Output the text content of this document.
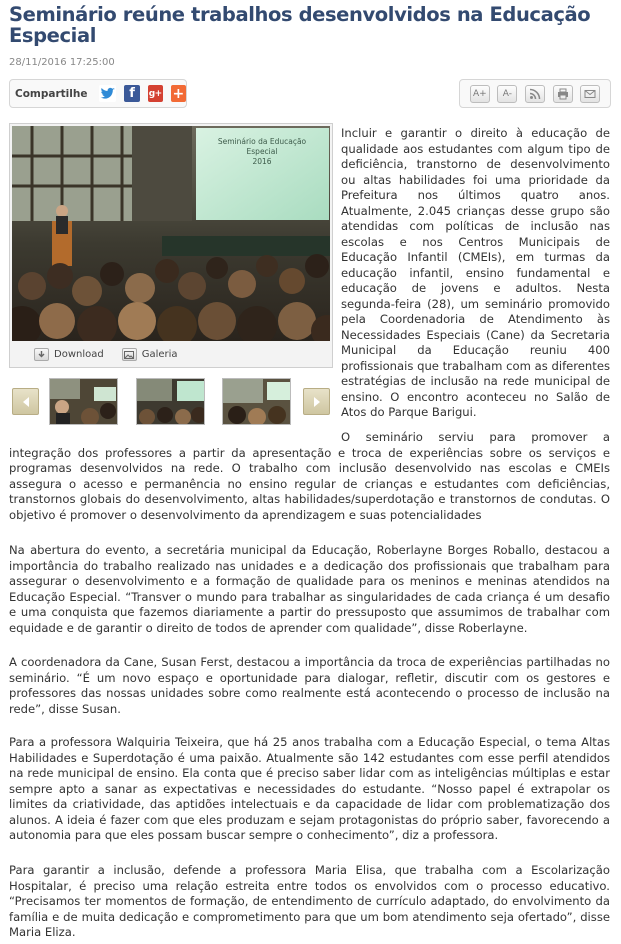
Seminário reúne trabalhos desenvolvidos na Educação Especial
28/11/2016 17:25:00
Compartilhe	f	g+ +	A+	A-
Seminário da Educação
Especial
2016
Download	Galeria

Incluir e garantir o direito à educação de qualidade aos estudantes com algum tipo de deficiência, transtorno de desenvolvimento ou altas habilidades foi uma prioridade da Prefeitura nos últimos quatro anos. Atualmente, 2.045 crianças desse grupo são atendidas com políticas de inclusão nas escolas e nos Centros Municipais de Educação Infantil (CMEIs), em turmas da educação infantil, ensino fundamental e educação de jovens e adultos. Nesta segunda-feira (28), um seminário promovido pela Coordenadoria de Atendimento às Necessidades Especiais (Cane) da Secretaria Municipal da Educação reuniu 400 profissionais que trabalham com as diferentes estratégias de inclusão na rede municipal de ensino. O encontro aconteceu no Salão de Atos do Parque Barigui.

O seminário serviu para promover a integração dos professores a partir da apresentação e troca de experiências sobre os serviços e programas desenvolvidos na rede. O trabalho com inclusão desenvolvido nas escolas e CMEIs assegura o acesso e permanência no ensino regular de crianças e estudantes com deficiências, transtornos globais do desenvolvimento, altas habilidades/superdotação e transtornos de condutas. O objetivo é promover o desenvolvimento da aprendizagem e suas potencialidades

Na abertura do evento, a secretária municipal da Educação, Roberlayne Borges Roballo, destacou a importância do trabalho realizado nas unidades e a dedicação dos profissionais que trabalham para assegurar o desenvolvimento e a formação de qualidade para os meninos e meninas atendidos na Educação Especial. “Transver o mundo para trabalhar as singularidades de cada criança é um desafio e uma conquista que fazemos diariamente a partir do pressuposto que assumimos de trabalhar com equidade e de garantir o direito de todos de aprender com qualidade”, disse Roberlayne.

A coordenadora da Cane, Susan Ferst, destacou a importância da troca de experiências partilhadas no seminário. “É um novo espaço e oportunidade para dialogar, refletir, discutir com os gestores e professores das nossas unidades sobre como realmente está acontecendo o processo de inclusão na rede”, disse Susan.

Para a professora Walquiria Teixeira, que há 25 anos trabalha com a Educação Especial, o tema Altas Habilidades e Superdotação é uma paixão. Atualmente são 142 estudantes com esse perfil atendidos na rede municipal de ensino. Ela conta que é preciso saber lidar com as inteligências múltiplas e estar sempre apto a sanar as expectativas e necessidades do estudante. “Nosso papel é extrapolar os limites da criatividade, das aptidões intelectuais e da capacidade de lidar com problematização dos alunos. A ideia é fazer com que eles produzam e sejam protagonistas do próprio saber, favorecendo a autonomia para que eles possam buscar sempre o conhecimento”, diz a professora.

Para garantir a inclusão, defende a professora Maria Elisa, que trabalha com a Escolarização Hospitalar, é preciso uma relação estreita entre todos os envolvidos com o processo educativo. “Precisamos ter momentos de formação, de entendimento de currículo adaptado, do envolvimento da família e de muita dedicação e comprometimento para que um bom atendimento seja ofertado”, disse Maria Eliza.
